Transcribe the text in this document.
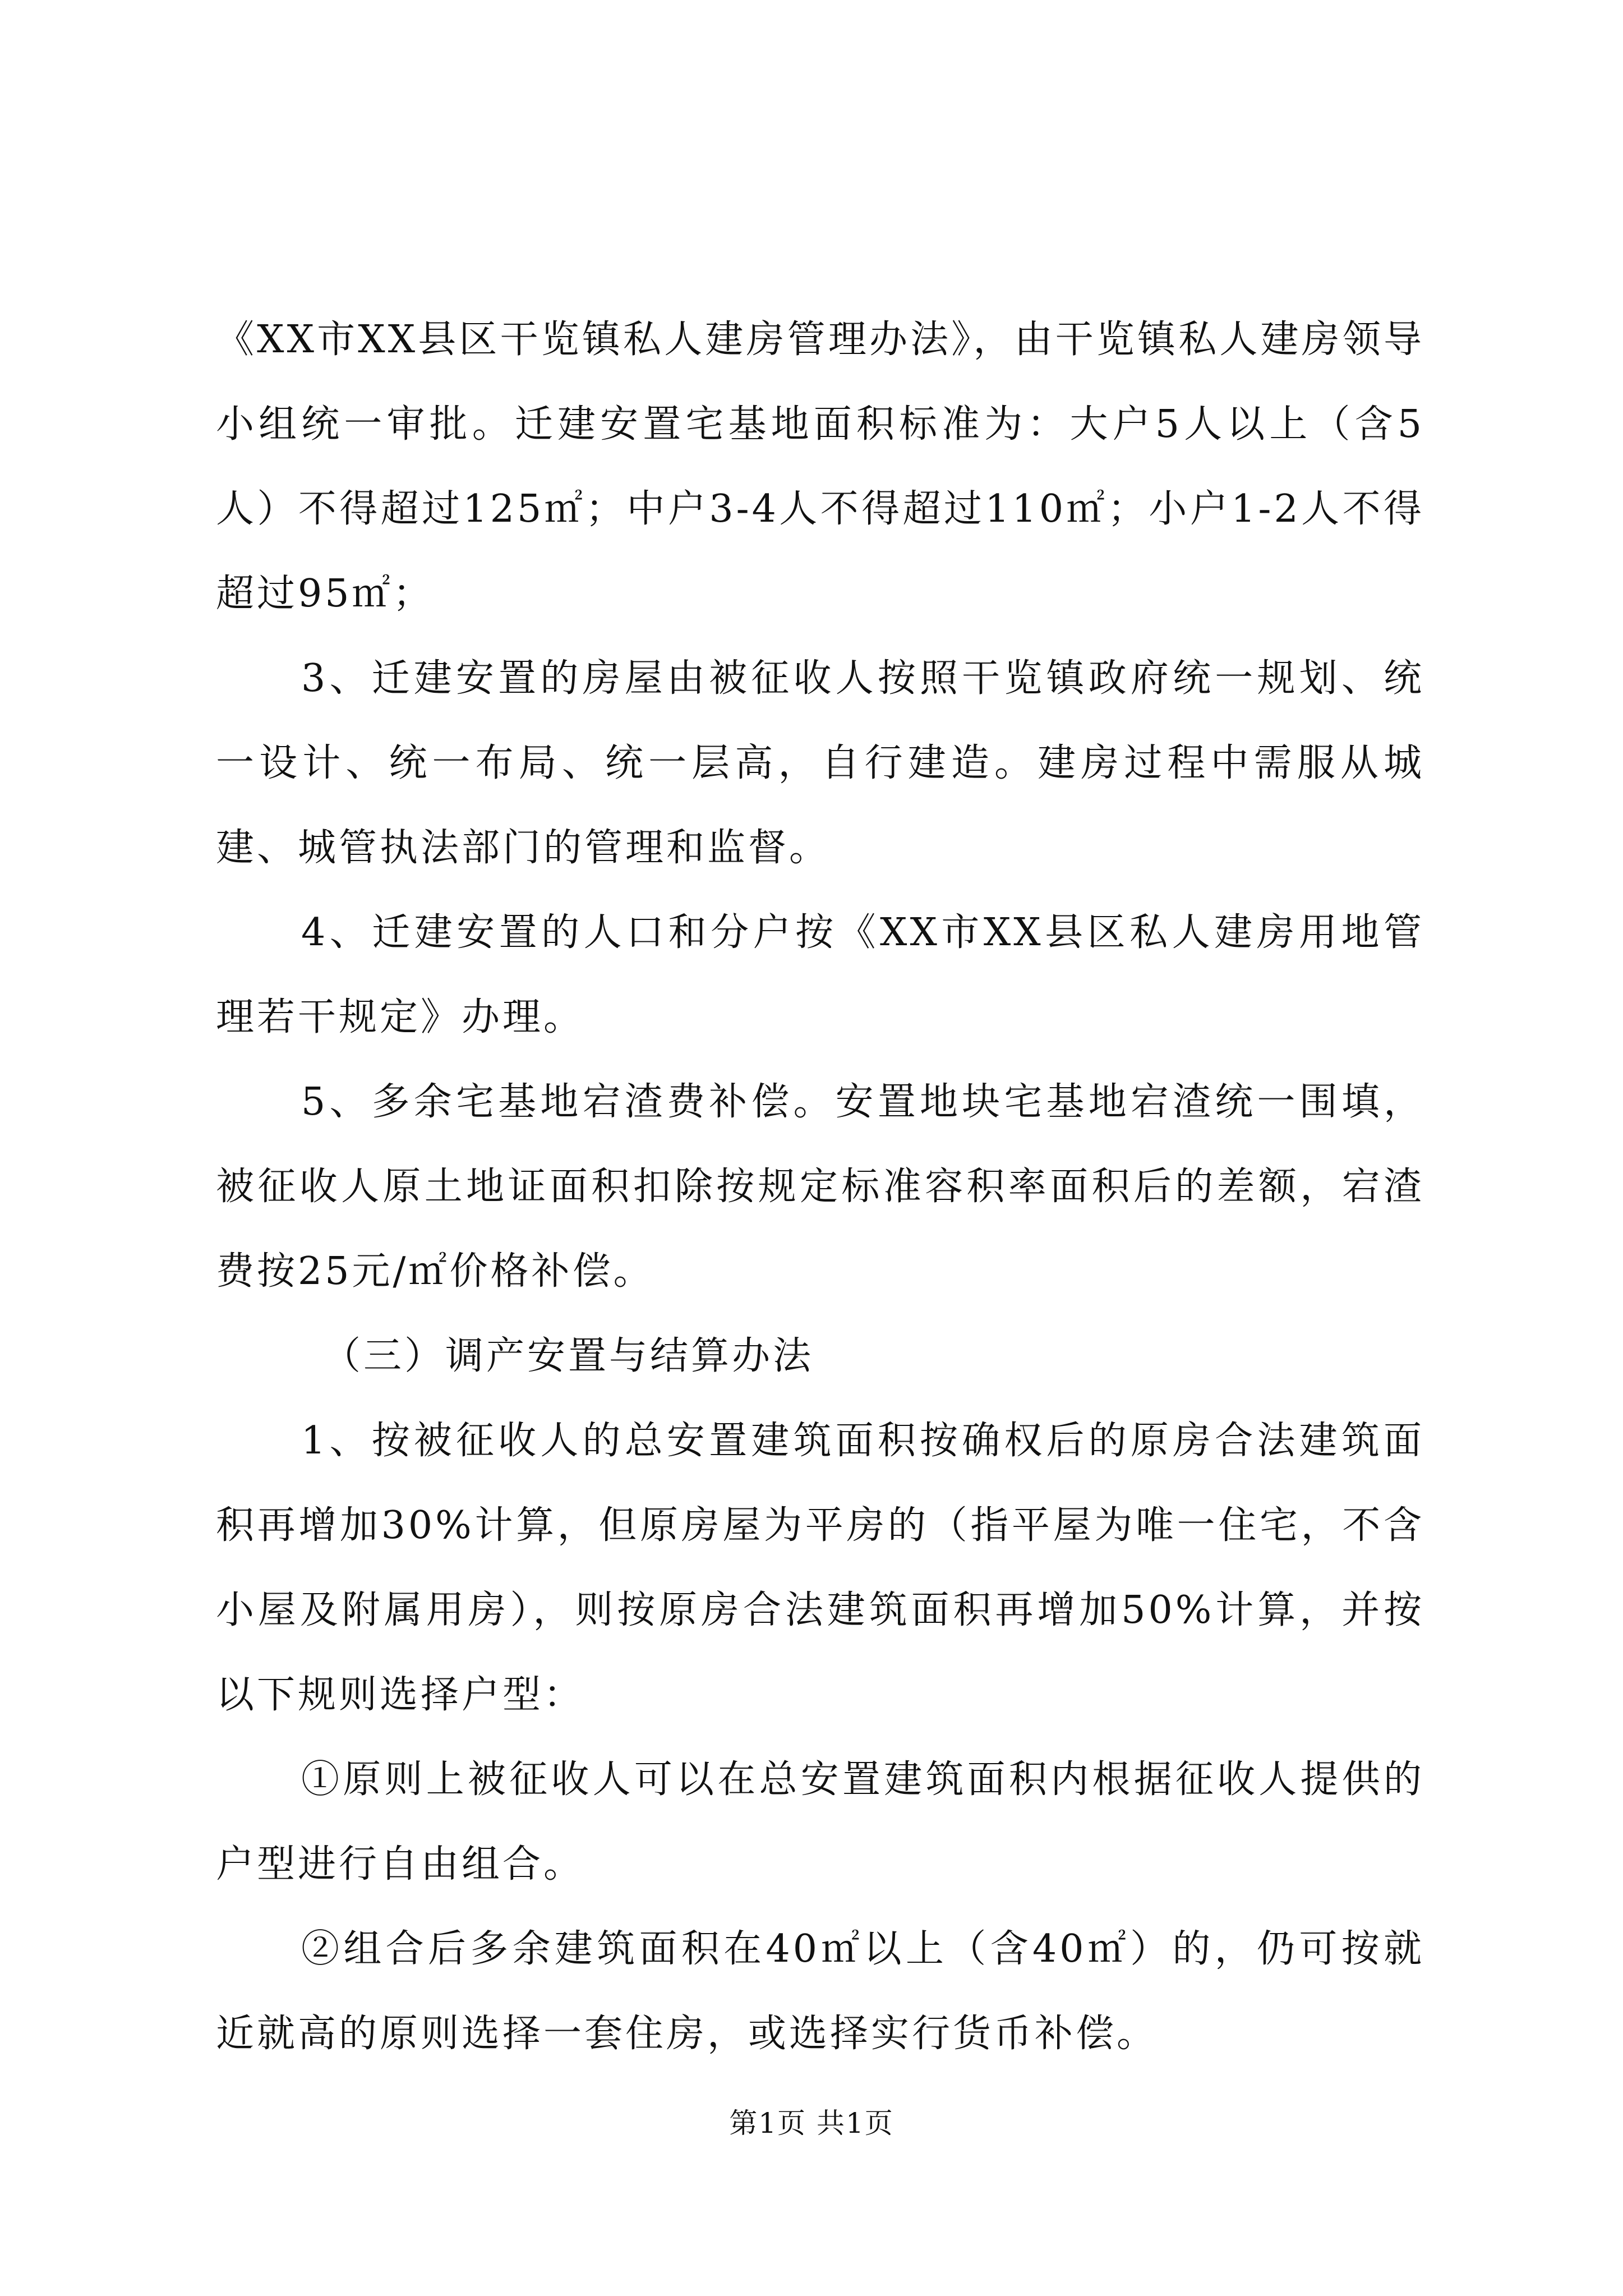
《XX市XX县区干览镇私人建房管理办法》，由干览镇私人建房领导小组统一审批。迁建安置宅基地面积标准为：大户5人以上（含5人）不得超过125㎡；中户3-4人不得超过110㎡；小户1-2人不得超过95㎡；

3、迁建安置的房屋由被征收人按照干览镇政府统一规划、统一设计、统一布局、统一层高，自行建造。建房过程中需服从城建、城管执法部门的管理和监督。

4、迁建安置的人口和分户按《XX市XX县区私人建房用地管理若干规定》办理。

5、多余宅基地宕渣费补偿。安置地块宅基地宕渣统一围填，被征收人原土地证面积扣除按规定标准容积率面积后的差额，宕渣费按25元/㎡价格补偿。

（三）调产安置与结算办法

1、按被征收人的总安置建筑面积按确权后的原房合法建筑面积再增加30%计算，但原房屋为平房的（指平屋为唯一住宅，不含小屋及附属用房），则按原房合法建筑面积再增加50%计算，并按以下规则选择户型：

①原则上被征收人可以在总安置建筑面积内根据征收人提供的户型进行自由组合。

②组合后多余建筑面积在40㎡以上（含40㎡）的，仍可按就近就高的原则选择一套住房，或选择实行货币补偿。

第1页 共1页
